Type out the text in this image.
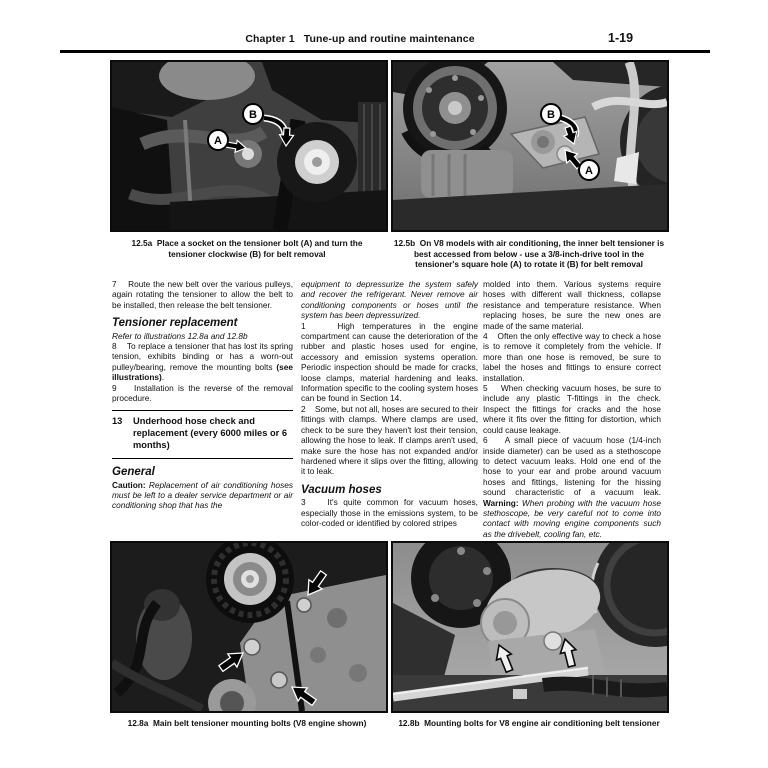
Chapter 1   Tune-up and routine maintenance	1-19
A
B	B
A
12.5a  Place a socket on the tensioner bolt (A) and turn the tensioner clockwise (B) for belt removal
12.5b  On V8 models with air conditioning, the inner belt tensioner is best accessed from below - use a 3/8-inch-drive tool in the tensioner's square hole (A) to rotate it (B) for belt removal
12.8a  Main belt tensioner mounting bolts (V8 engine shown)	12.8b  Mounting bolts for V8 engine air conditioning belt tensioner

7    Route the new belt over the various pulleys, again rotating the tensioner to allow the belt to be installed, then release the belt tensioner.

Tensioner replacement

Refer to illustrations 12.8a and 12.8b

8    To replace a tensioner that has lost its spring tension, exhibits binding or has a worn-out pulley/bearing, remove the mounting bolts (see illustrations).

9    Installation is the reverse of the removal procedure.

13	Underhood hose check and replacement (every 6000 miles or 6 months)
General

Caution: Replacement of air conditioning hoses must be left to a dealer service department or air conditioning shop that has the

equipment to depressurize the system safely and recover the refrigerant. Never remove air conditioning components or hoses until the system has been depressurized.

1    High temperatures in the engine compartment can cause the deterioration of the rubber and plastic hoses used for engine, accessory and emission systems operation. Periodic inspection should be made for cracks, loose clamps, material hardening and leaks. Information specific to the cooling system hoses can be found in Section 14.

2    Some, but not all, hoses are secured to their fittings with clamps. Where clamps are used, check to be sure they haven't lost their tension, allowing the hose to leak. If clamps aren't used, make sure the hose has not expanded and/or hardened where it slips over the fitting, allowing it to leak.

Vacuum hoses

3    It's quite common for vacuum hoses, especially those in the emissions system, to be color-coded or identified by colored stripes

molded into them. Various systems require hoses with different wall thickness, collapse resistance and temperature resistance. When replacing hoses, be sure the new ones are made of the same material.

4    Often the only effective way to check a hose is to remove it completely from the vehicle. If more than one hose is removed, be sure to label the hoses and fittings to ensure correct installation.

5    When checking vacuum hoses, be sure to include any plastic T-fittings in the check. Inspect the fittings for cracks and the hose where it fits over the fitting for distortion, which could cause leakage.

6    A small piece of vacuum hose (1/4-inch inside diameter) can be used as a stethoscope to detect vacuum leaks. Hold one end of the hose to your ear and probe around vacuum hoses and fittings, listening for the hissing sound characteristic of a vacuum leak. Warning: When probing with the vacuum hose stethoscope, be very careful not to come into contact with moving engine components such as the drivebelt, cooling fan, etc.
